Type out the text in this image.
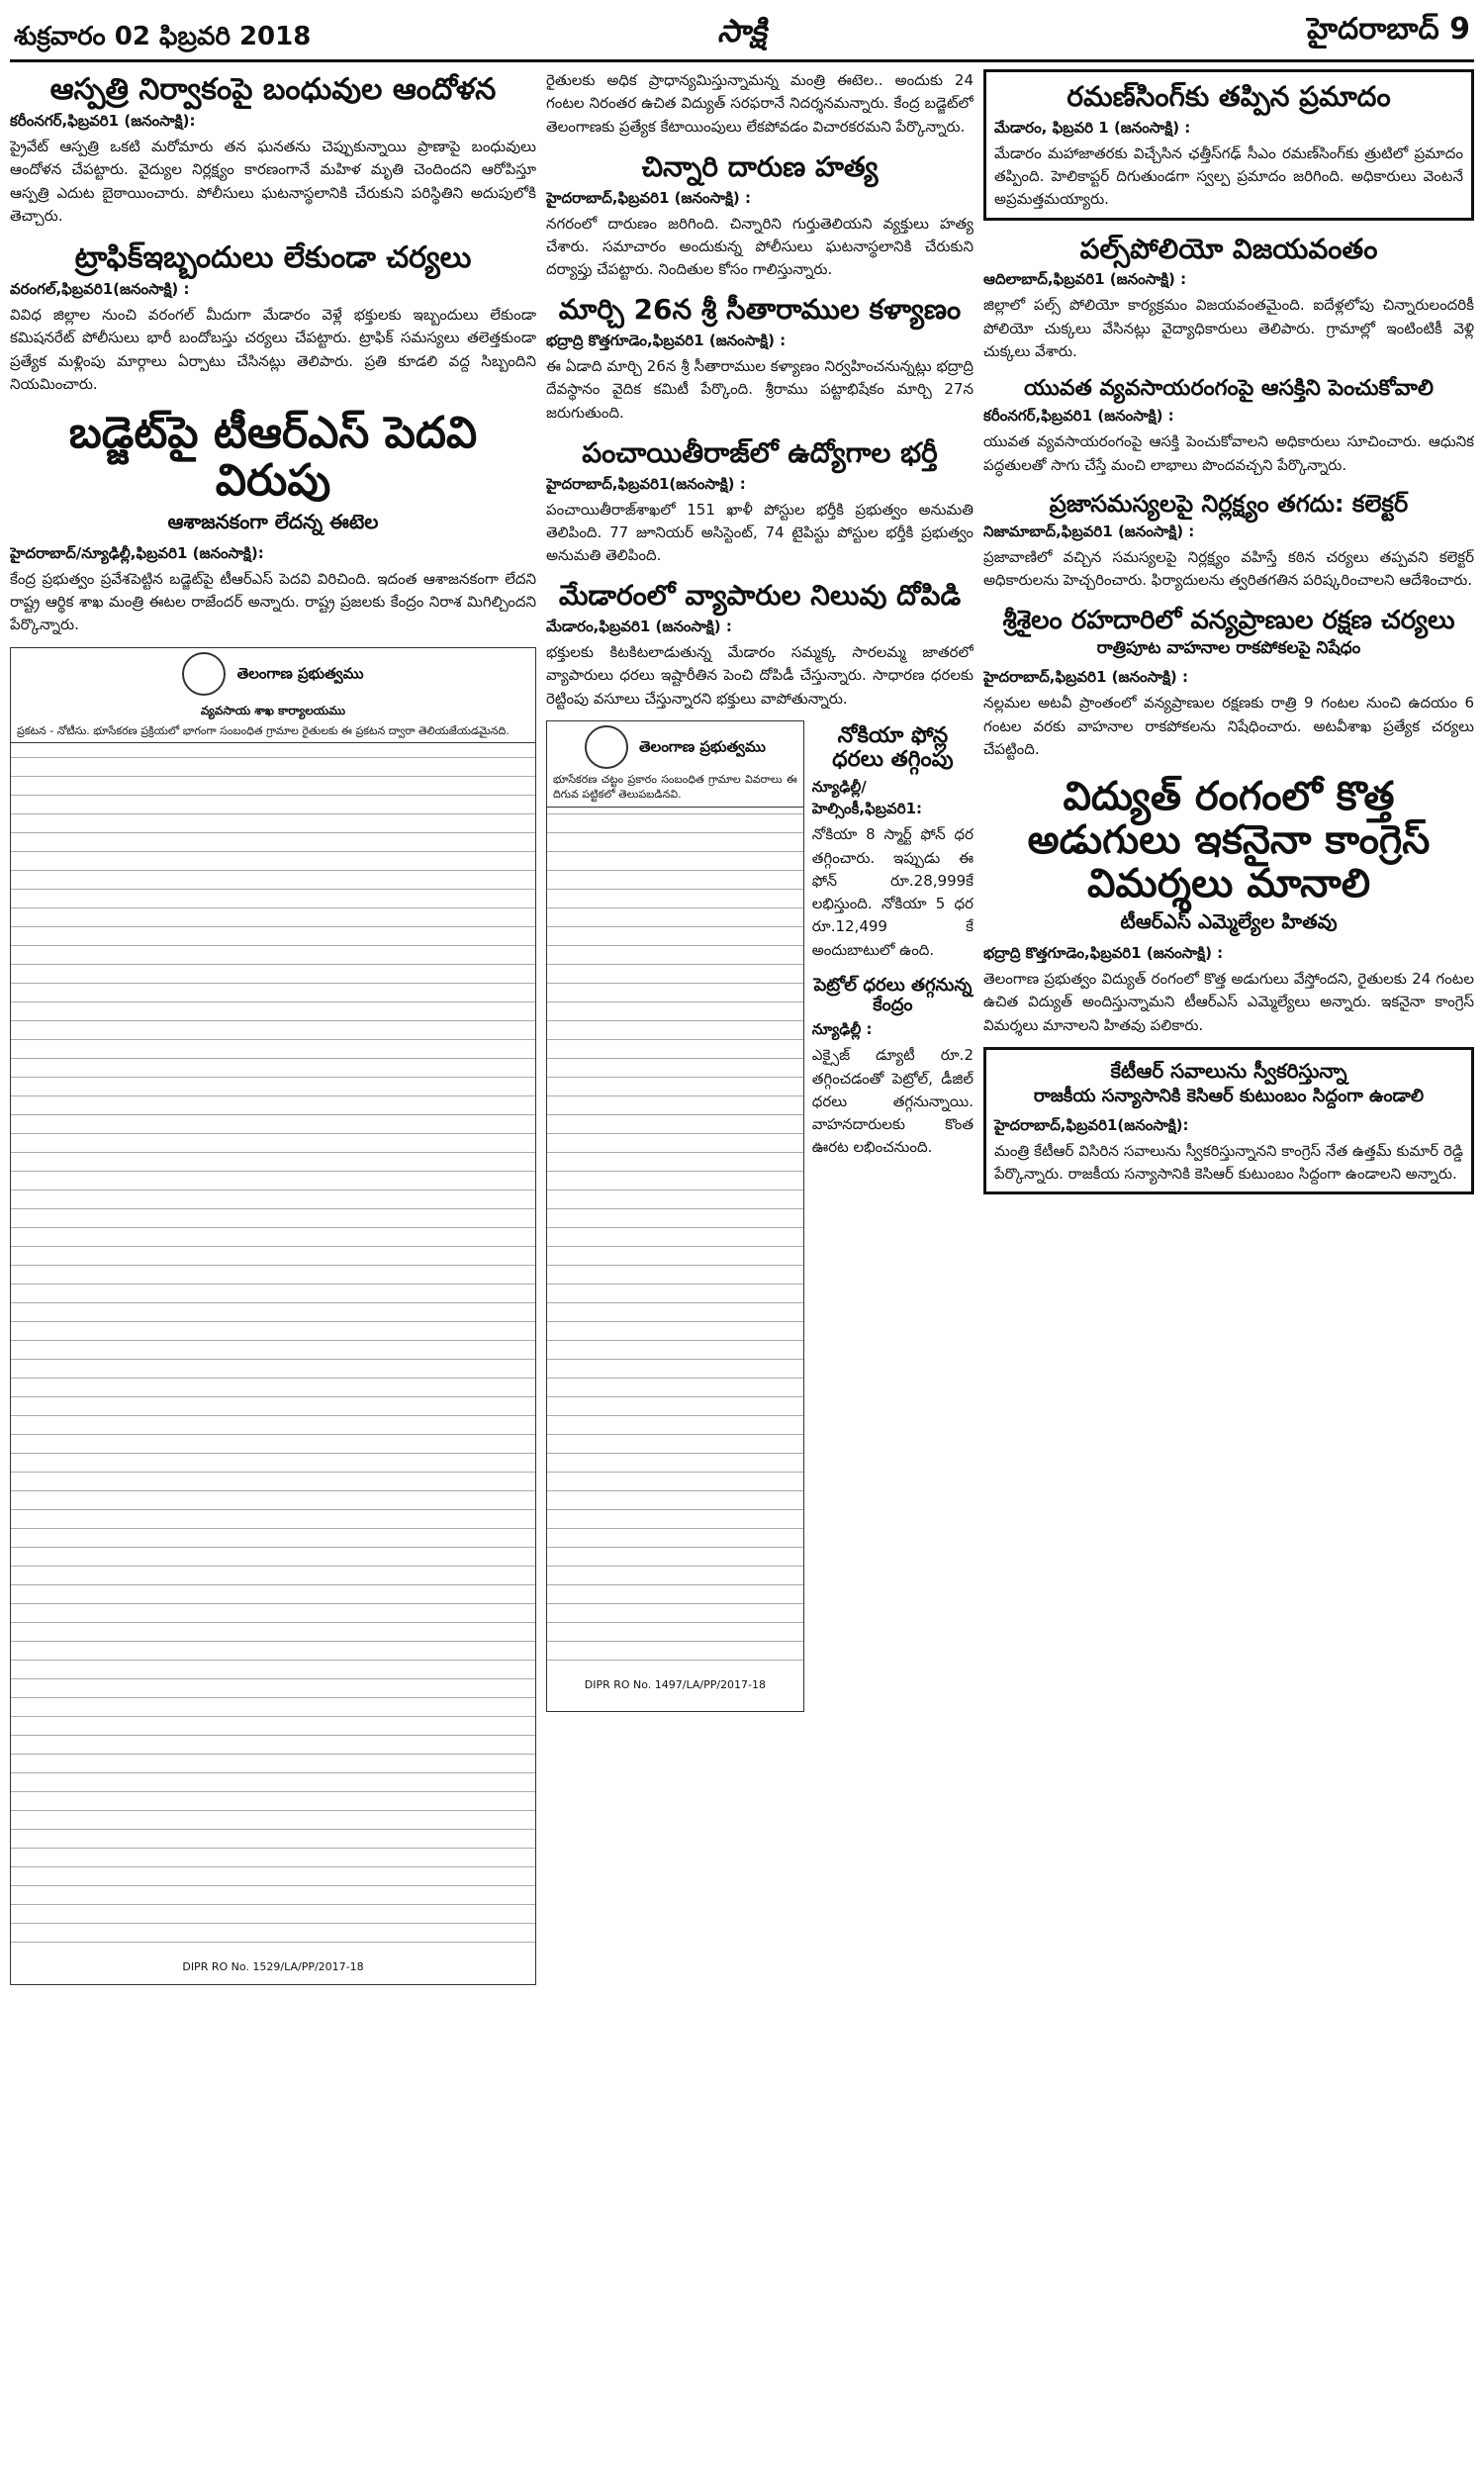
శుక్రవారం 02 ఫిబ్రవరి 2018	సాక్షి	హైదరాబాద్ 9
ఆస్పత్రి నిర్వాకంపై బంధువుల ఆందోళన
కరీంనగర్,ఫిబ్రవరి1 (జనంసాక్షి):
ప్రైవేట్ ఆస్పత్రి ఒకటి మరోమారు తన ఘనతను చెప్పుకున్నాయి ప్రాణాపై బంధువులు ఆందోళన చేపట్టారు. వైద్యుల నిర్లక్ష్యం కారణంగానే మహిళ మృతి చెందిందని ఆరోపిస్తూ ఆస్పత్రి ఎదుట బైఠాయించారు. పోలీసులు ఘటనాస్థలానికి చేరుకుని పరిస్థితిని అదుపులోకి తెచ్చారు.
ట్రాఫిక్‌ఇబ్బందులు లేకుండా చర్యలు
వరంగల్,ఫిబ్రవరి1(జనంసాక్షి) :
వివిధ జిల్లాల నుంచి వరంగల్ మీదుగా మేడారం వెళ్లే భక్తులకు ఇబ్బందులు లేకుండా కమిషనరేట్ పోలీసులు భారీ బందోబస్తు చర్యలు చేపట్టారు. ట్రాఫిక్ సమస్యలు తలెత్తకుండా ప్రత్యేక మళ్లింపు మార్గాలు ఏర్పాటు చేసినట్లు తెలిపారు. ప్రతి కూడలి వద్ద సిబ్బందిని నియమించారు.
బడ్జెట్‌పై టీఆర్ఎస్ పెదవి విరుపు
ఆశాజనకంగా లేదన్న ఈటెల
హైదరాబాద్/న్యూఢిల్లీ,ఫిబ్రవరి1 (జనంసాక్షి):
కేంద్ర ప్రభుత్వం ప్రవేశపెట్టిన బడ్జెట్‌పై టీఆర్ఎస్ పెదవి విరిచింది. ఇదంత ఆశాజనకంగా లేదని రాష్ట్ర ఆర్థిక శాఖ మంత్రి ఈటల రాజేందర్ అన్నారు. రాష్ట్ర ప్రజలకు కేంద్రం నిరాశ మిగిల్చిందని పేర్కొన్నారు.
తెలంగాణ ప్రభుత్వము
వ్యవసాయ శాఖ కార్యాలయము
ప్రకటన - నోటీసు. భూసేకరణ ప్రక్రియలో భాగంగా సంబంధిత గ్రామాల రైతులకు ఈ ప్రకటన ద్వారా తెలియజేయడమైనది.
DIPR RO No. 1529/LA/PP/2017-18
రైతులకు అధిక ప్రాధాన్యమిస్తున్నామన్న మంత్రి ఈటెల.. అందుకు 24 గంటల నిరంతర ఉచిత విద్యుత్ సరఫరానే నిదర్శనమన్నారు. కేంద్ర బడ్జెట్‌లో తెలంగాణకు ప్రత్యేక కేటాయింపులు లేకపోవడం విచారకరమని పేర్కొన్నారు.
చిన్నారి దారుణ హత్య
హైదరాబాద్,ఫిబ్రవరి1 (జనంసాక్షి) :
నగరంలో దారుణం జరిగింది. చిన్నారిని గుర్తుతెలియని వ్యక్తులు హత్య చేశారు. సమాచారం అందుకున్న పోలీసులు ఘటనాస్థలానికి చేరుకుని దర్యాప్తు చేపట్టారు. నిందితుల కోసం గాలిస్తున్నారు.
మార్చి 26న శ్రీ సీతారాముల కళ్యాణం
భద్రాద్రి కొత్తగూడెం,ఫిబ్రవరి1 (జనంసాక్షి) :
ఈ ఏడాది మార్చి 26న శ్రీ సీతారాముల కళ్యాణం నిర్వహించనున్నట్లు భద్రాద్రి దేవస్థానం వైదిక కమిటీ పేర్కొంది. శ్రీరాము పట్టాభిషేకం మార్చి 27న జరుగుతుంది.
పంచాయితీరాజ్‌లో ఉద్యోగాల భర్తీ
హైదరాబాద్,ఫిబ్రవరి1(జనంసాక్షి) :
పంచాయితీరాజ్‌శాఖలో 151 ఖాళీ పోస్టుల భర్తీకి ప్రభుత్వం అనుమతి తెలిపింది. 77 జూనియర్ అసిస్టెంట్, 74 టైపిస్టు పోస్టుల భర్తీకి ప్రభుత్వం అనుమతి తెలిపింది.
మేడారంలో వ్యాపారుల నిలువు దోపిడి
మేడారం,ఫిబ్రవరి1 (జనంసాక్షి) :
భక్తులకు కిటకిటలాడుతున్న మేడారం సమ్మక్క సారలమ్మ జాతరలో వ్యాపారులు ధరలు ఇష్టారీతిన పెంచి దోపిడీ చేస్తున్నారు. సాధారణ ధరలకు రెట్టింపు వసూలు చేస్తున్నారని భక్తులు వాపోతున్నారు.
తెలంగాణ ప్రభుత్వము
భూసేకరణ చట్టం ప్రకారం సంబంధిత గ్రామాల వివరాలు ఈ దిగువ పట్టికలో తెలుపబడినవి.
DIPR RO No. 1497/LA/PP/2017-18
నోకియా ఫోన్ల ధరలు తగ్గింపు
న్యూఢిల్లీ/హెల్సింకీ,ఫిబ్రవరి1:
నోకియా 8 స్మార్ట్ ఫోన్ ధర తగ్గించారు. ఇప్పుడు ఈ ఫోన్ రూ.28,999కే లభిస్తుంది. నోకియా 5 ధర రూ.12,499 కే అందుబాటులో ఉంది.
పెట్రోల్ ధరలు తగ్గనున్న కేంద్రం
న్యూఢిల్లీ :
ఎక్సైజ్ డ్యూటీ రూ.2 తగ్గించడంతో పెట్రోల్, డీజిల్ ధరలు తగ్గనున్నాయి. వాహనదారులకు కొంత ఊరట లభించనుంది.
రమణ్‌సింగ్‌కు తప్పిన ప్రమాదం
మేడారం, ఫిబ్రవరి 1 (జనంసాక్షి) :
మేడారం మహాజాతరకు విచ్చేసిన ఛత్తీస్‌గఢ్ సీఎం రమణ్‌సింగ్‌కు త్రుటిలో ప్రమాదం తప్పింది. హెలికాప్టర్ దిగుతుండగా స్వల్ప ప్రమాదం జరిగింది. అధికారులు వెంటనే అప్రమత్తమయ్యారు.
పల్స్‌పోలియో విజయవంతం
ఆదిలాబాద్,ఫిబ్రవరి1 (జనంసాక్షి) :
జిల్లాలో పల్స్ పోలియో కార్యక్రమం విజయవంతమైంది. ఐదేళ్లలోపు చిన్నారులందరికీ పోలియో చుక్కలు వేసినట్లు వైద్యాధికారులు తెలిపారు. గ్రామాల్లో ఇంటింటికీ వెళ్లి చుక్కలు వేశారు.
యువత వ్యవసాయరంగంపై ఆసక్తిని పెంచుకోవాలి
కరీంనగర్,ఫిబ్రవరి1 (జనంసాక్షి) :
యువత వ్యవసాయరంగంపై ఆసక్తి పెంచుకోవాలని అధికారులు సూచించారు. ఆధునిక పద్ధతులతో సాగు చేస్తే మంచి లాభాలు పొందవచ్చని పేర్కొన్నారు.
ప్రజాసమస్యలపై నిర్లక్ష్యం తగదు: కలెక్టర్
నిజామాబాద్,ఫిబ్రవరి1 (జనంసాక్షి) :
ప్రజావాణిలో వచ్చిన సమస్యలపై నిర్లక్ష్యం వహిస్తే కఠిన చర్యలు తప్పవని కలెక్టర్ అధికారులను హెచ్చరించారు. ఫిర్యాదులను త్వరితగతిన పరిష్కరించాలని ఆదేశించారు.
శ్రీశైలం రహదారిలో వన్యప్రాణుల రక్షణ చర్యలు
రాత్రిపూట వాహనాల రాకపోకలపై నిషేధం
హైదరాబాద్,ఫిబ్రవరి1 (జనంసాక్షి) :
నల్లమల అటవీ ప్రాంతంలో వన్యప్రాణుల రక్షణకు రాత్రి 9 గంటల నుంచి ఉదయం 6 గంటల వరకు వాహనాల రాకపోకలను నిషేధించారు. అటవీశాఖ ప్రత్యేక చర్యలు చేపట్టింది.
విద్యుత్ రంగంలో కొత్త అడుగులు ఇకనైనా కాంగ్రెస్ విమర్శలు మానాలి
టీఆర్ఎస్ ఎమ్మెల్యేల హితవు
భద్రాద్రి కొత్తగూడెం,ఫిబ్రవరి1 (జనంసాక్షి) :
తెలంగాణ ప్రభుత్వం విద్యుత్ రంగంలో కొత్త అడుగులు వేస్తోందని, రైతులకు 24 గంటల ఉచిత విద్యుత్ అందిస్తున్నామని టీఆర్ఎస్ ఎమ్మెల్యేలు అన్నారు. ఇకనైనా కాంగ్రెస్ విమర్శలు మానాలని హితవు పలికారు.
కేటీఆర్ సవాలును స్వీకరిస్తున్నా
రాజకీయ సన్యాసానికి కెసిఆర్ కుటుంబం సిద్దంగా ఉండాలి
హైదరాబాద్,ఫిబ్రవరి1(జనంసాక్షి):
మంత్రి కేటీఆర్ విసిరిన సవాలును స్వీకరిస్తున్నానని కాంగ్రెస్ నేత ఉత్తమ్ కుమార్ రెడ్డి పేర్కొన్నారు. రాజకీయ సన్యాసానికి కెసిఆర్ కుటుంబం సిద్దంగా ఉండాలని అన్నారు.
